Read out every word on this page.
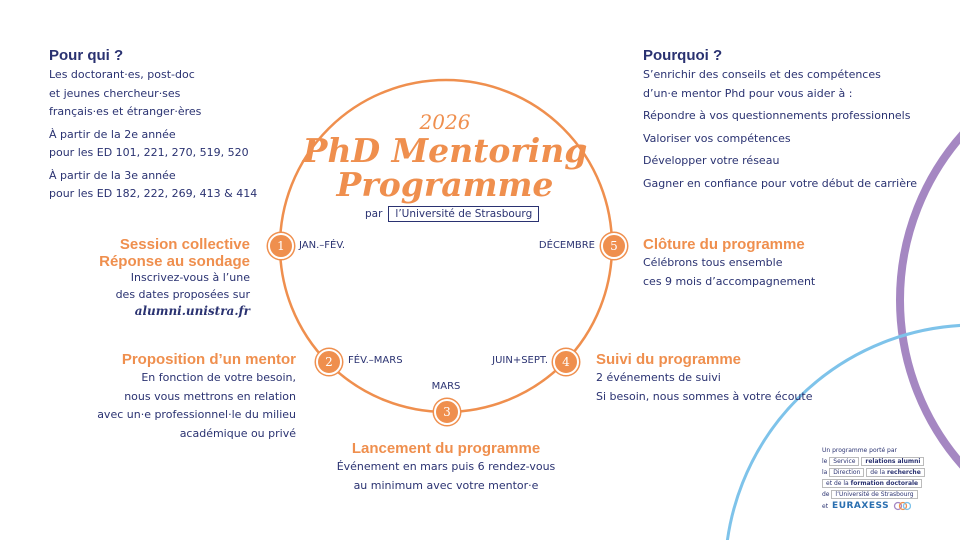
Pour qui ?
Les doctorant·es, post-doc
et jeunes chercheur·ses
français·es et étranger·ères
À partir de la 2e année
pour les ED 101, 221, 270, 519, 520
À partir de la 3e année
pour les ED 182, 222, 269, 413 & 414
Pourquoi ?
S’enrichir des conseils et des compétences
d’un·e mentor Phd pour vous aider à :
Répondre à vos questionnements professionnels
Valoriser vos compétences
Développer votre réseau
Gagner en confiance pour votre début de carrière
2026
PhD Mentoring
Programme
par	l’Université de Strasbourg
1	JAN.–FÉV.
Session collective
Réponse au sondage
Inscrivez-vous à l’une
des dates proposées sur
alumni.unistra.fr
2	FÉV.–MARS
Proposition d’un mentor
En fonction de votre besoin,
nous vous mettrons en relation
avec un·e professionnel·le du milieu
académique ou privé
MARS
3
Lancement du programme
Événement en mars puis 6 rendez-vous
au minimum avec votre mentor·e
4
JUIN+SEPT.	Suivi du programme
2 événements de suivi
Si besoin, nous sommes à votre écoute
5
DÉCEMBRE	Clôture du programme
Célébrons tous ensemble
ces 9 mois d’accompagnement
Un programme porté par
le Service relations alumni
la Direction de la recherche
et de la formation doctorale
de l’Université de Strasbourg
et EURAXESS
